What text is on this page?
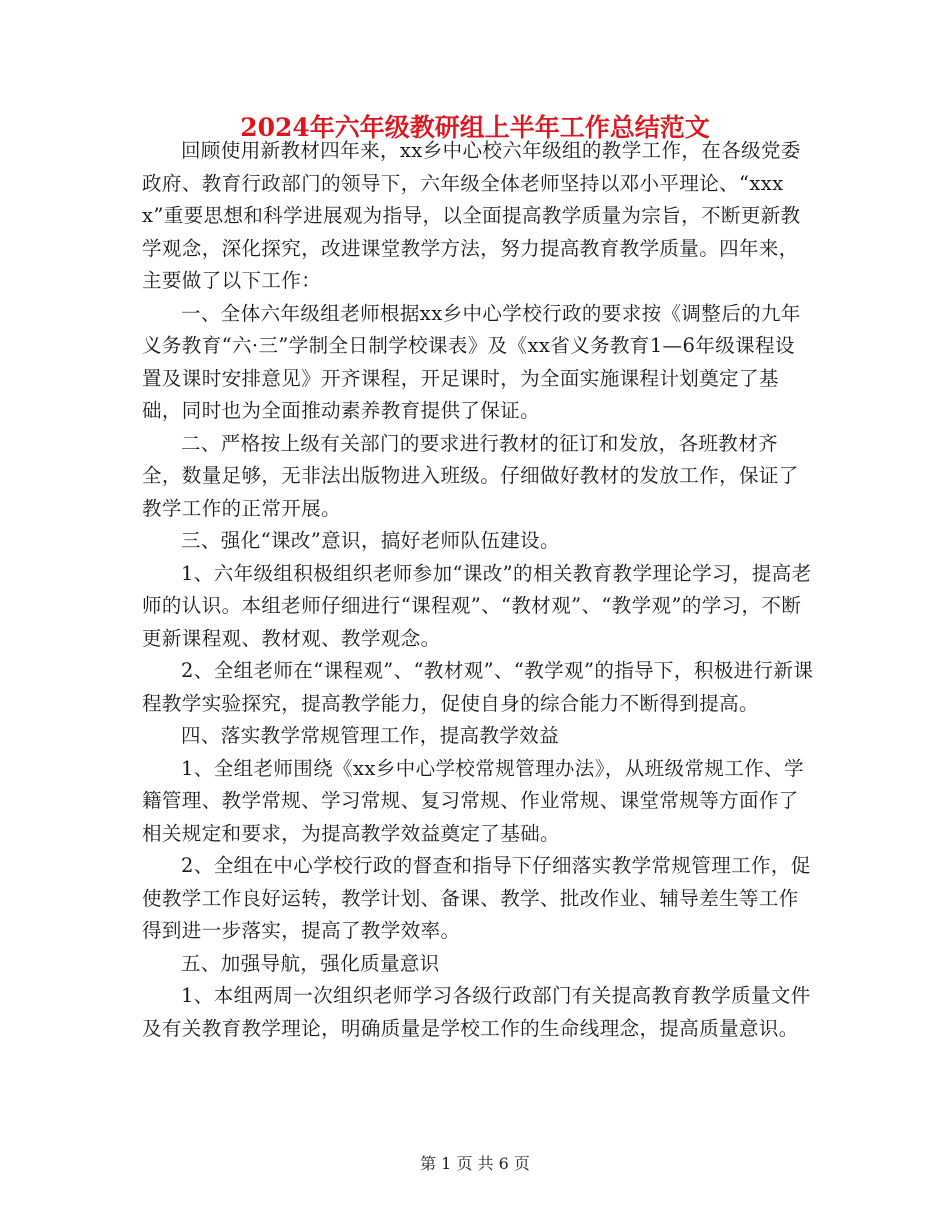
2024年六年级教研组上半年工作总结范文

回顾使用新教材四年来，xx乡中心校六年级组的教学工作，在各级党委政府、教育行政部门的领导下，六年级全体老师坚持以邓小平理论、“xxxx”重要思想和科学进展观为指导，以全面提高教学质量为宗旨，不断更新教学观念，深化探究，改进课堂教学方法，努力提高教育教学质量。四年来，主要做了以下工作：

一、全体六年级组老师根据xx乡中心学校行政的要求按《调整后的九年义务教育“六·三”学制全日制学校课表》及《xx省义务教育1—6年级课程设置及课时安排意见》开齐课程，开足课时，为全面实施课程计划奠定了基础，同时也为全面推动素养教育提供了保证。

二、严格按上级有关部门的要求进行教材的征订和发放，各班教材齐全，数量足够，无非法出版物进入班级。仔细做好教材的发放工作，保证了教学工作的正常开展。

三、强化“课改”意识，搞好老师队伍建设。

1、六年级组积极组织老师参加“课改”的相关教育教学理论学习，提高老师的认识。本组老师仔细进行“课程观”、“教材观”、“教学观”的学习，不断更新课程观、教材观、教学观念。

2、全组老师在“课程观”、“教材观”、“教学观”的指导下，积极进行新课程教学实验探究，提高教学能力，促使自身的综合能力不断得到提高。

四、落实教学常规管理工作，提高教学效益

1、全组老师围绕《xx乡中心学校常规管理办法》，从班级常规工作、学籍管理、教学常规、学习常规、复习常规、作业常规、课堂常规等方面作了相关规定和要求，为提高教学效益奠定了基础。

2、全组在中心学校行政的督查和指导下仔细落实教学常规管理工作，促使教学工作良好运转，教学计划、备课、教学、批改作业、辅导差生等工作得到进一步落实，提高了教学效率。

五、加强导航，强化质量意识

1、本组两周一次组织老师学习各级行政部门有关提高教育教学质量文件及有关教育教学理论，明确质量是学校工作的生命线理念，提高质量意识。

第 1 页 共 6 页
